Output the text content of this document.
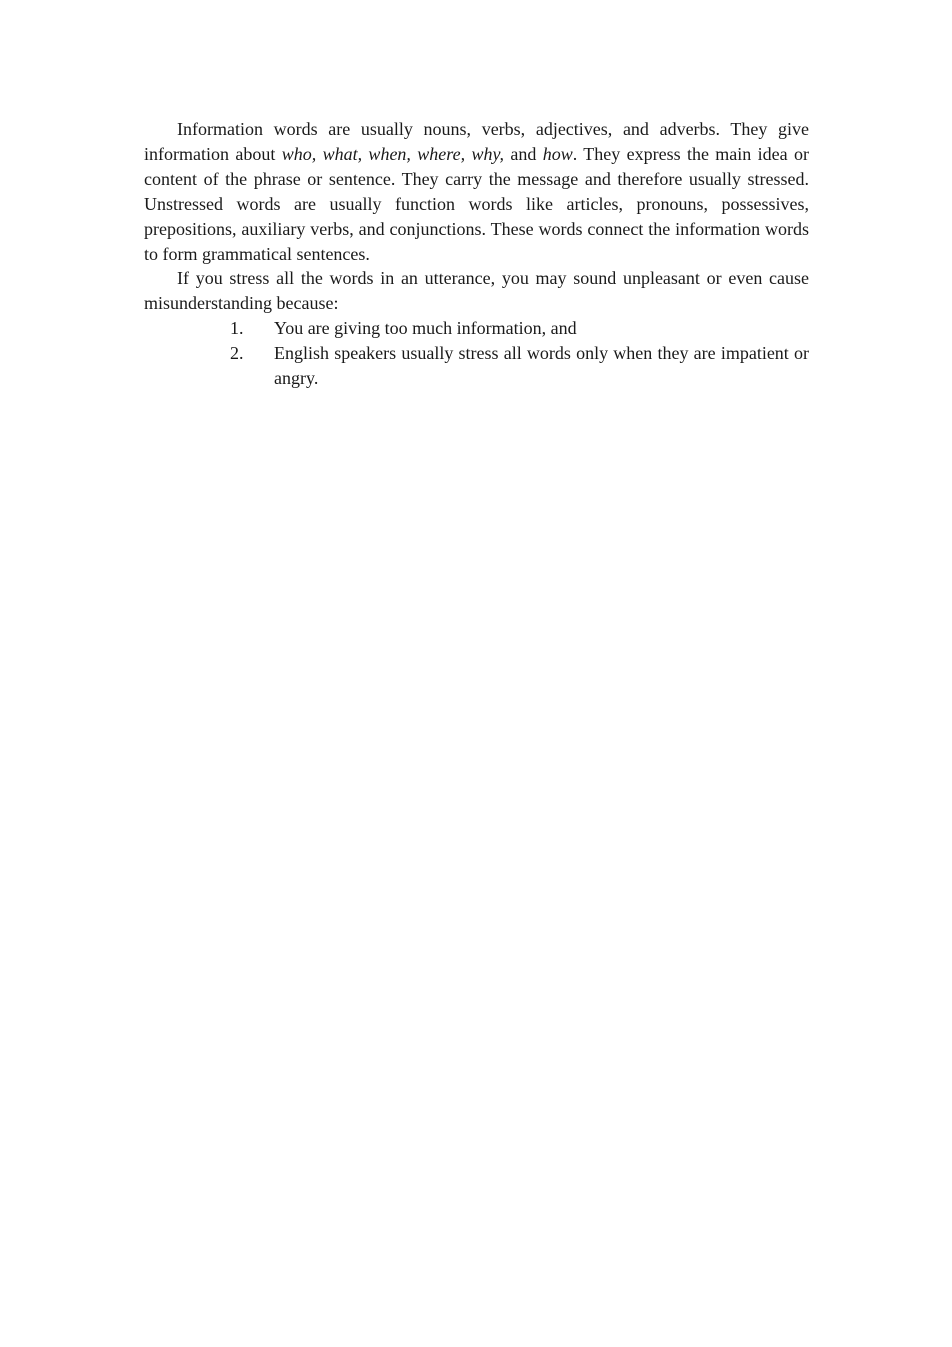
Information words are usually nouns, verbs, adjectives, and adverbs. They give information about who, what, when, where, why, and how. They express the main idea or content of the phrase or sentence. They carry the message and therefore usually stressed. Unstressed words are usually function words like articles, pronouns, possessives, prepositions, auxiliary verbs, and conjunctions. These words connect the information words to form grammatical sentences.

If you stress all the words in an utterance, you may sound unpleasant or even cause misunderstanding because:

1. You are giving too much information, and
2. English speakers usually stress all words only when they are impatient or angry.
